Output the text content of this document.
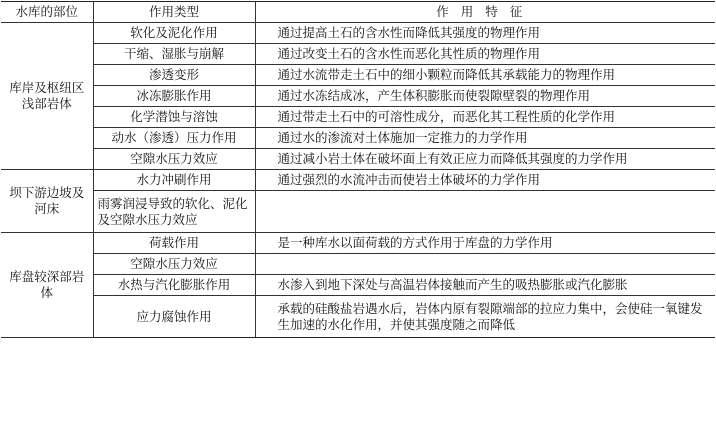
水库的部位	作用类型	作用特征
库岸及枢纽区浅部岩体	软化及泥化作用	通过提高土石的含水性而降低其强度的物理作用
	干缩、湿胀与崩解	通过改变土石的含水性而恶化其性质的物理作用
	渗透变形	通过水流带走土石中的细小颗粒而降低其承载能力的物理作用
	冰冻膨胀作用	通过水冻结成冰，产生体积膨胀而使裂隙壁裂的物理作用
	化学潜蚀与溶蚀	通过带走土石中的可溶性成分，而恶化其工程性质的化学作用
	动水（渗透）压力作用	通过水的渗流对土体施加一定推力的力学作用
	空隙水压力效应	通过减小岩土体在破坏面上有效正应力而降低其强度的力学作用
坝下游边坡及河床	水力冲刷作用	通过强烈的水流冲击而使岩土体破坏的力学作用
	雨雾润浸导致的软化、泥化及空隙水压力效应	
库盘较深部岩体	荷载作用	是一种库水以面荷载的方式作用于库盘的力学作用
	空隙水压力效应	
	水热与汽化膨胀作用	水渗入到地下深处与高温岩体接触而产生的吸热膨胀或汽化膨胀
	应力腐蚀作用	承载的硅酸盐岩遇水后，岩体内原有裂隙端部的拉应力集中，会使硅一氧键发生加速的水化作用，并使其强度随之而降低
